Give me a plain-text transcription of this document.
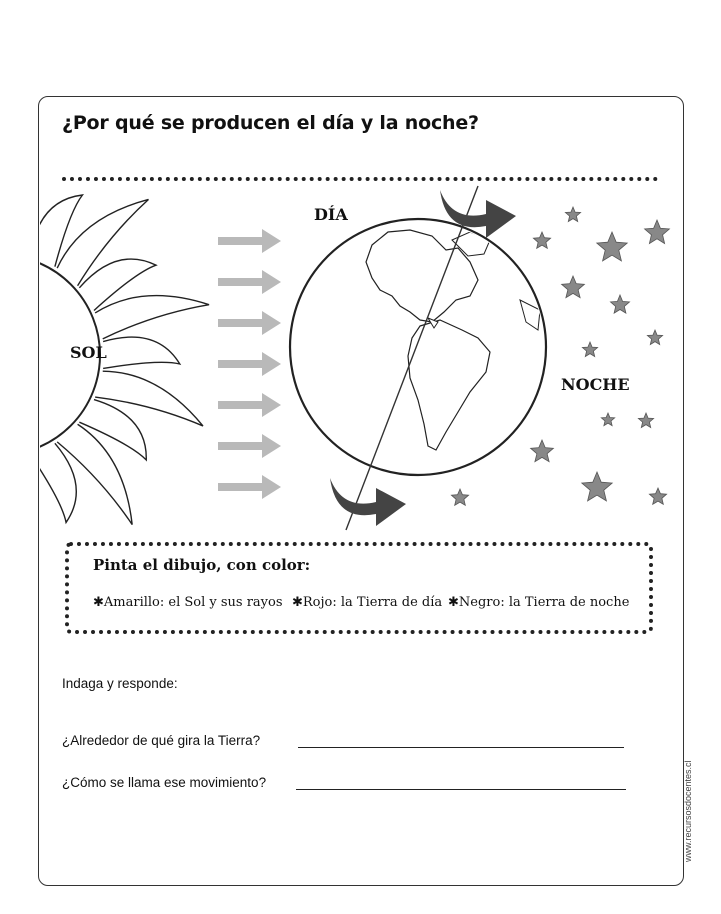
¿Por qué se producen el día y la noche?
SOL
DÍA
NOCHE
Pinta el dibujo, con color:
✱Amarillo: el Sol y sus rayos ✱Rojo: la Tierra de día ✱Negro: la Tierra de noche
Indaga y responde:
¿Alrededor de qué gira la Tierra?
¿Cómo se llama ese movimiento?	www.recursosdocentes.cl
